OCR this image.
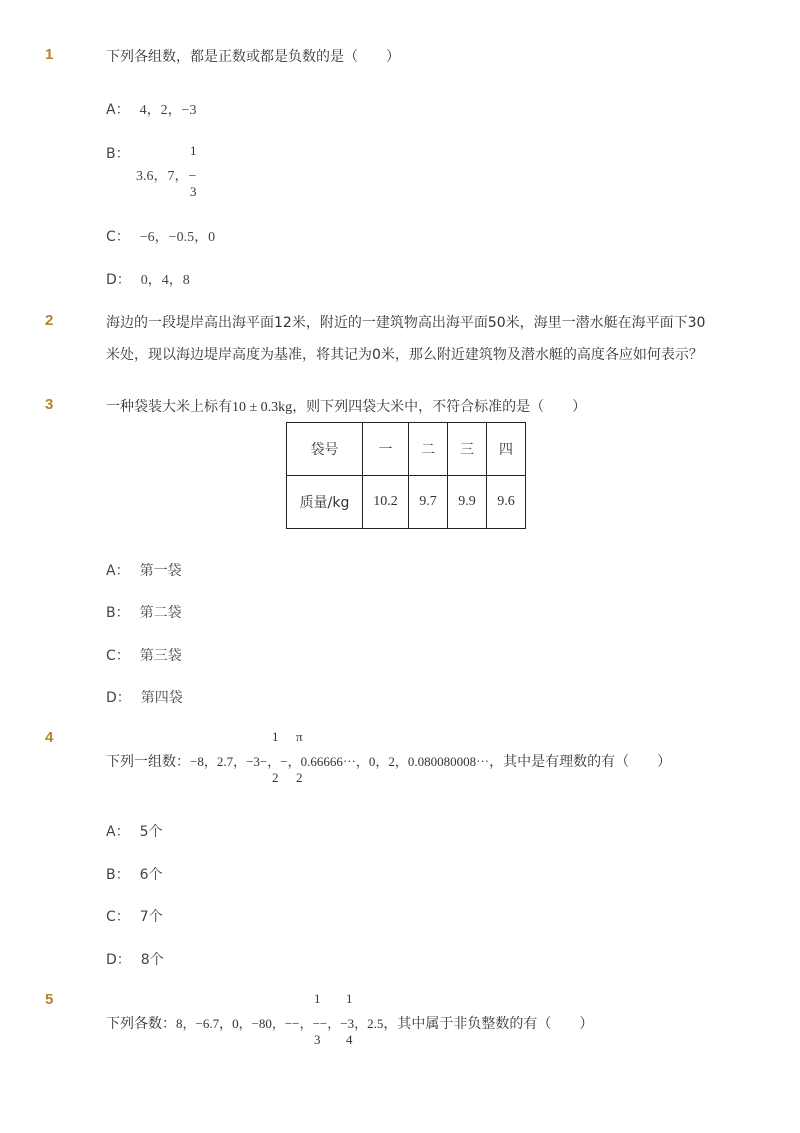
1	下列各组数，都是正数或都是负数的是（　　）
A： 4，2，−3
B：
3.6，7，−
1
3
C： −6，−0.5，0
D： 0，4，8
2	海边的一段堤岸高出海平面12米，附近的一建筑物高出海平面50米，海里一潜水艇在海平面下30
米处，现以海边堤岸高度为基准，将其记为0米，那么附近建筑物及潜水艇的高度各应如何表示？
3	一种袋装大米上标有10 ± 0.3kg，则下列四袋大米中，不符合标准的是（　　）
袋号	一	二	三	四
质量/kg	10.2	9.7	9.9	9.6
A： 第一袋
B： 第二袋
C： 第三袋
D： 第四袋
4	1
2
π
2
下列一组数：−8，2.7，−3−，−，0.66666⋯，0，2，0.080080008⋯，其中是有理数的有（　　）
A： 5个
B： 6个
C： 7个
D： 8个
5	1
3
1
4
下列各数：8，−6.7，0，−80，−−，−−，−3，2.5，其中属于非负整数的有（　　）
